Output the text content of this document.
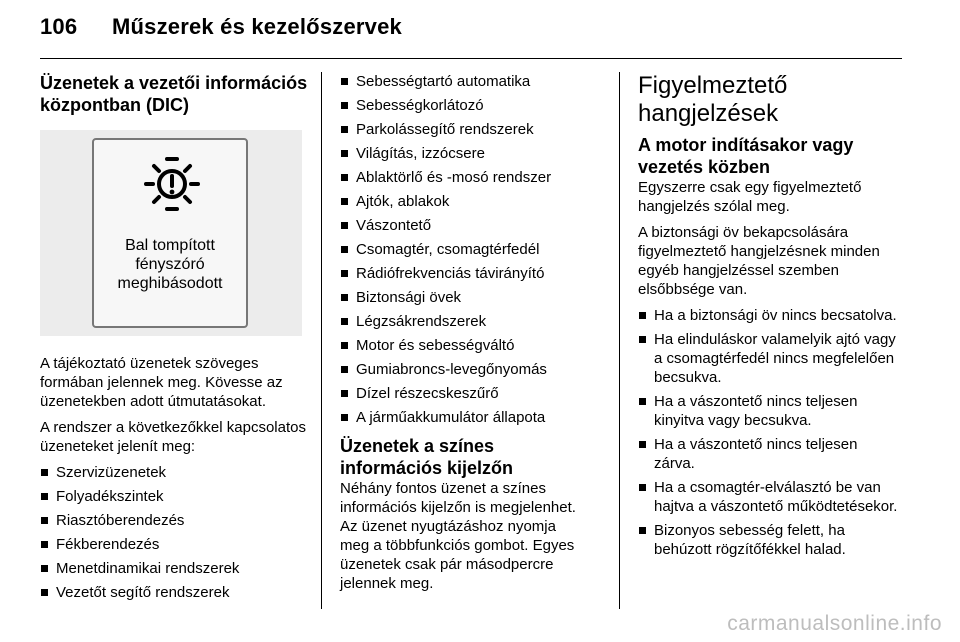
106 Műszerek és kezelőszervek
Üzenetek a vezetői információs központban (DIC)
Bal tompított
fényszóró
meghibásodott

A tájékoztató üzenetek szöveges formában jelennek meg. Kövesse az üzenetekben adott útmutatásokat.

A rendszer a következőkkel kapcsolatos üzeneteket jelenít meg:

Szervizüzenetek
Folyadékszintek
Riasztóberendezés
Fékberendezés
Menetdinamikai rendszerek
Vezetőt segítő rendszerek
Sebességtartó automatika
Sebességkorlátozó
Parkolássegítő rendszerek
Világítás, izzócsere
Ablaktörlő és -mosó rendszer
Ajtók, ablakok
Vászontető
Csomagtér, csomagtérfedél
Rádiófrekvenciás távirányító
Biztonsági övek
Légzsákrendszerek
Motor és sebességváltó
Gumiabroncs-levegőnyomás
Dízel részecskeszűrő
A járműakkumulátor állapota
Üzenetek a színes információs kijelzőn

Néhány fontos üzenet a színes információs kijelzőn is megjelenhet. Az üzenet nyugtázáshoz nyomja meg a többfunkciós gombot. Egyes üzenetek csak pár másodpercre jelennek meg.

Figyelmeztető hangjelzések
A motor indításakor vagy vezetés közben

Egyszerre csak egy figyelmeztető hangjelzés szólal meg.

A biztonsági öv bekapcsolására figyelmeztető hangjelzésnek minden egyéb hangjelzéssel szemben elsőbbsége van.

Ha a biztonsági öv nincs becsatolva.
Ha elinduláskor valamelyik ajtó vagy a csomagtérfedél nincs megfelelően becsukva.
Ha a vászontető nincs teljesen kinyitva vagy becsukva.
Ha a vászontető nincs teljesen zárva.
Ha a csomagtér-elválasztó be van hajtva a vászontető működtetésekor.
Bizonyos sebesség felett, ha behúzott rögzítőfékkel halad.
carmanualsonline.info
